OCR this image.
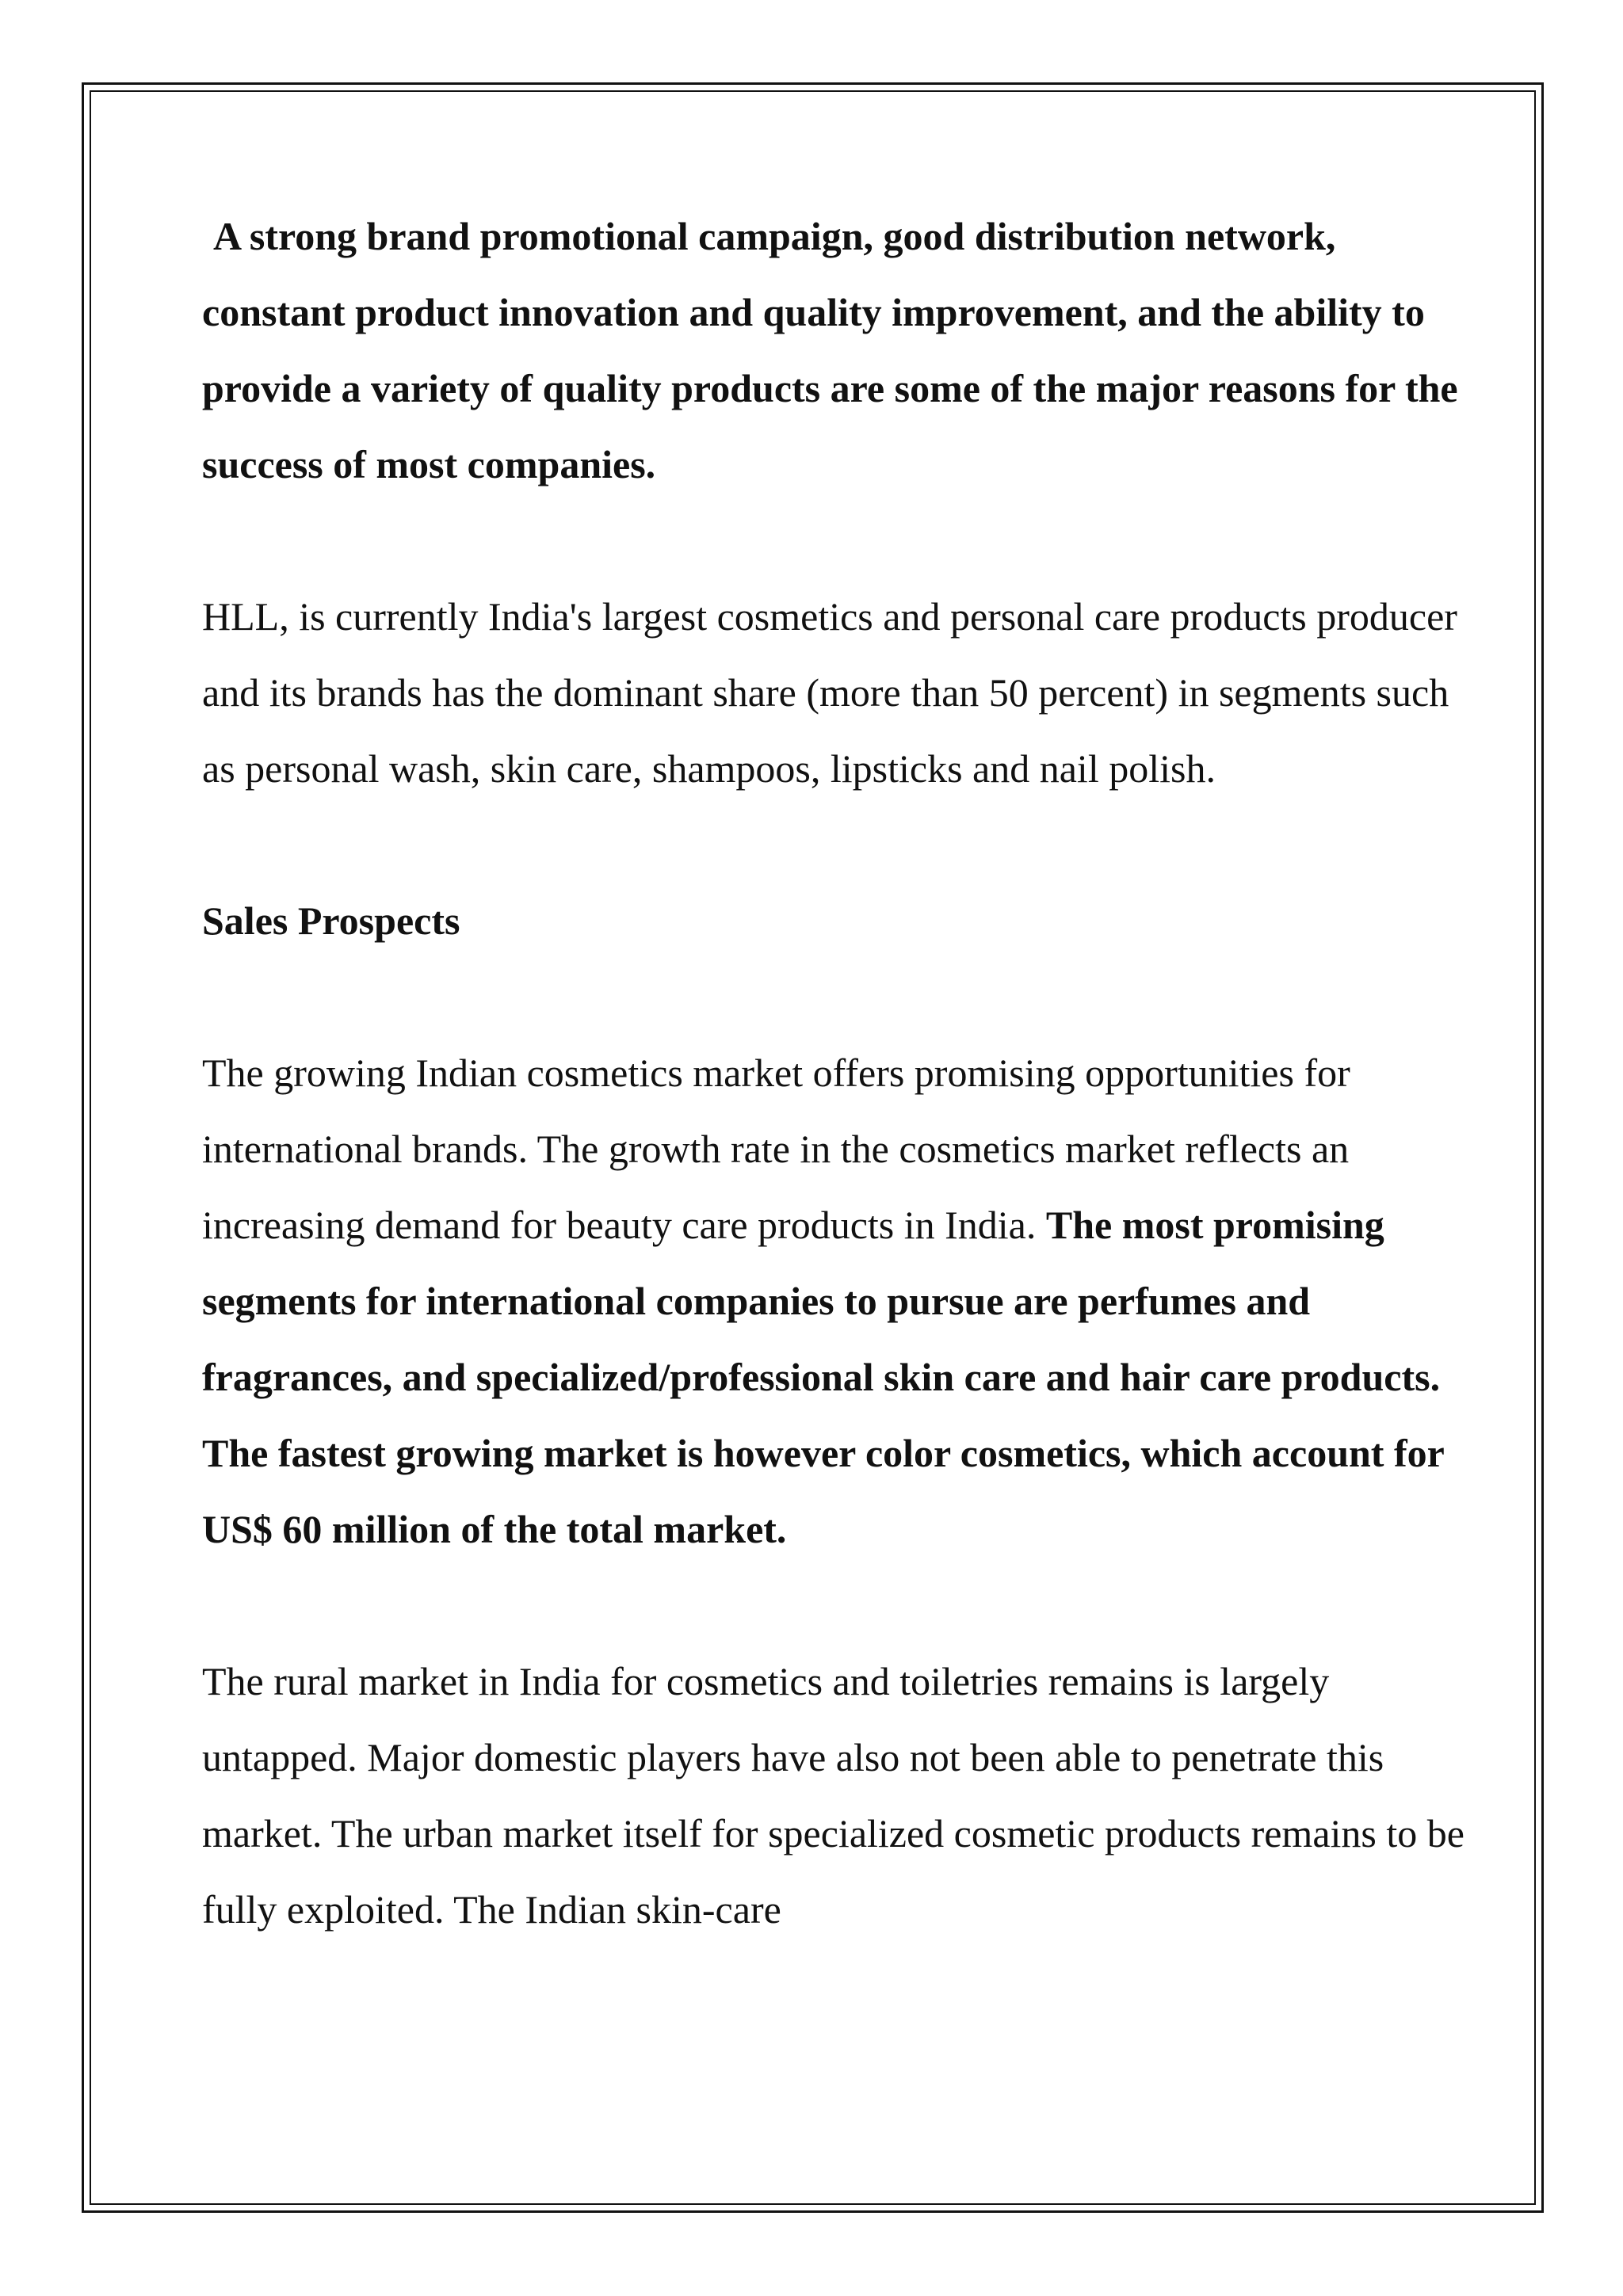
A strong brand promotional campaign, good distribution network, constant product innovation and quality improvement, and the ability to provide a variety of quality products are some of the major reasons for the success of most companies.

HLL, is currently India's largest cosmetics and personal care products producer and its brands has the dominant share (more than 50 percent) in segments such as personal wash, skin care, shampoos, lipsticks and nail polish.

Sales Prospects

The growing Indian cosmetics market offers promising opportunities for international brands. The growth rate in the cosmetics market reflects an increasing demand for beauty care products in India. The most promising segments for international companies to pursue are perfumes and fragrances, and specialized/professional skin care and hair care products. The fastest growing market is however color cosmetics, which account for US$ 60 million of the total market.

The rural market in India for cosmetics and toiletries remains is largely untapped. Major domestic players have also not been able to penetrate this market. The urban market itself for specialized cosmetic products remains to be fully exploited. The Indian skin-care
